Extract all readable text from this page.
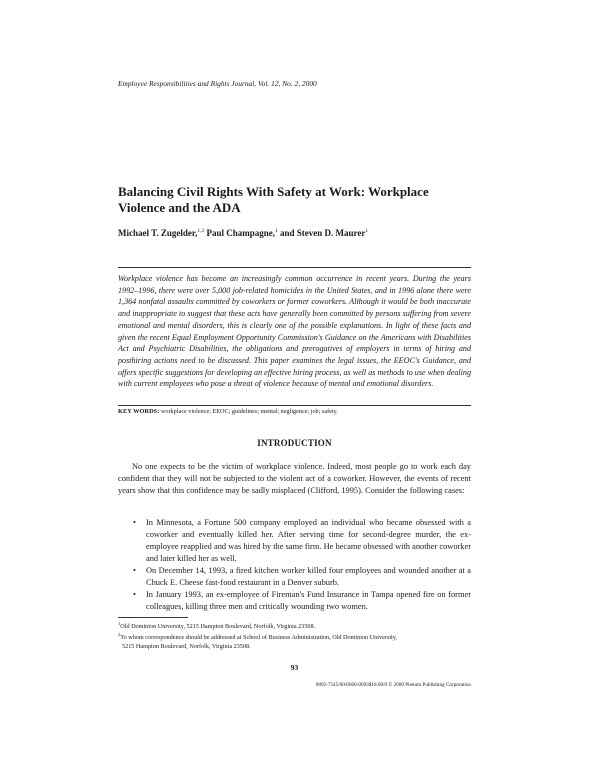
Employee Responsibilities and Rights Journal, Vol. 12, No. 2, 2000
Balancing Civil Rights With Safety at Work: Workplace Violence and the ADA
Michael T. Zugelder,$^{1,2}$ Paul Champagne,$^1$ and Steven D. Maurer$^1$
Workplace violence has become an increasingly common occurrence in recent years. During the years 1992–1996, there were over 5,000 job-related homicides in the United States, and in 1996 alone there were 1,364 nonfatal assaults committed by coworkers or former coworkers. Although it would be both inaccurate and inappropriate to suggest that these acts have generally been committed by persons suffering from severe emotional and mental disorders, this is clearly one of the possible explanations. In light of these facts and given the recent Equal Employment Opportunity Commission's Guidance on the Americans with Disabilities Act and Psychiatric Disabilities, the obligations and prerogatives of employers in terms of hiring and posthiring actions need to be discussed. This paper examines the legal issues, the EEOC's Guidance, and offers specific suggestions for developing an effective hiring process, as well as methods to use when dealing with current employees who pose a threat of violence because of mental and emotional disorders.
KEY WORDS: workplace violence; EEOC; guidelines; mental; negligence; job; safety.
INTRODUCTION

No one expects to be the victim of workplace violence. Indeed, most people go to work each day confident that they will not be subjected to the violent act of a coworker. However, the events of recent years show that this confidence may be sadly misplaced (Clifford, 1995). Consider the following cases:

• In Minnesota, a Fortune 500 company employed an individual who became obsessed with a coworker and eventually killed her. After serving time for second-degree murder, the ex-employee reapplied and was hired by the same firm. He became obsessed with another coworker and later killed her as well.
• On December 14, 1993, a fired kitchen worker killed four employees and wounded another at a Chuck E. Cheese fast-food restaurant in a Denver suburb.
• In January 1993, an ex-employee of Fireman's Fund Insurance in Tampa opened fire on former colleagues, killing three men and critically wounding two women.
$^1$Old Dominion University, 5215 Hampton Boulevard, Norfolk, Virginia 23508.
$^2$To whom correspondence should be addressed at School of Business Administration, Old Dominion University,
5215 Hampton Boulevard, Norfolk, Virginia 23508.
93
0892-7545/00/0600-0093$18.00/0 © 2000 Plenum Publishing Corporation
